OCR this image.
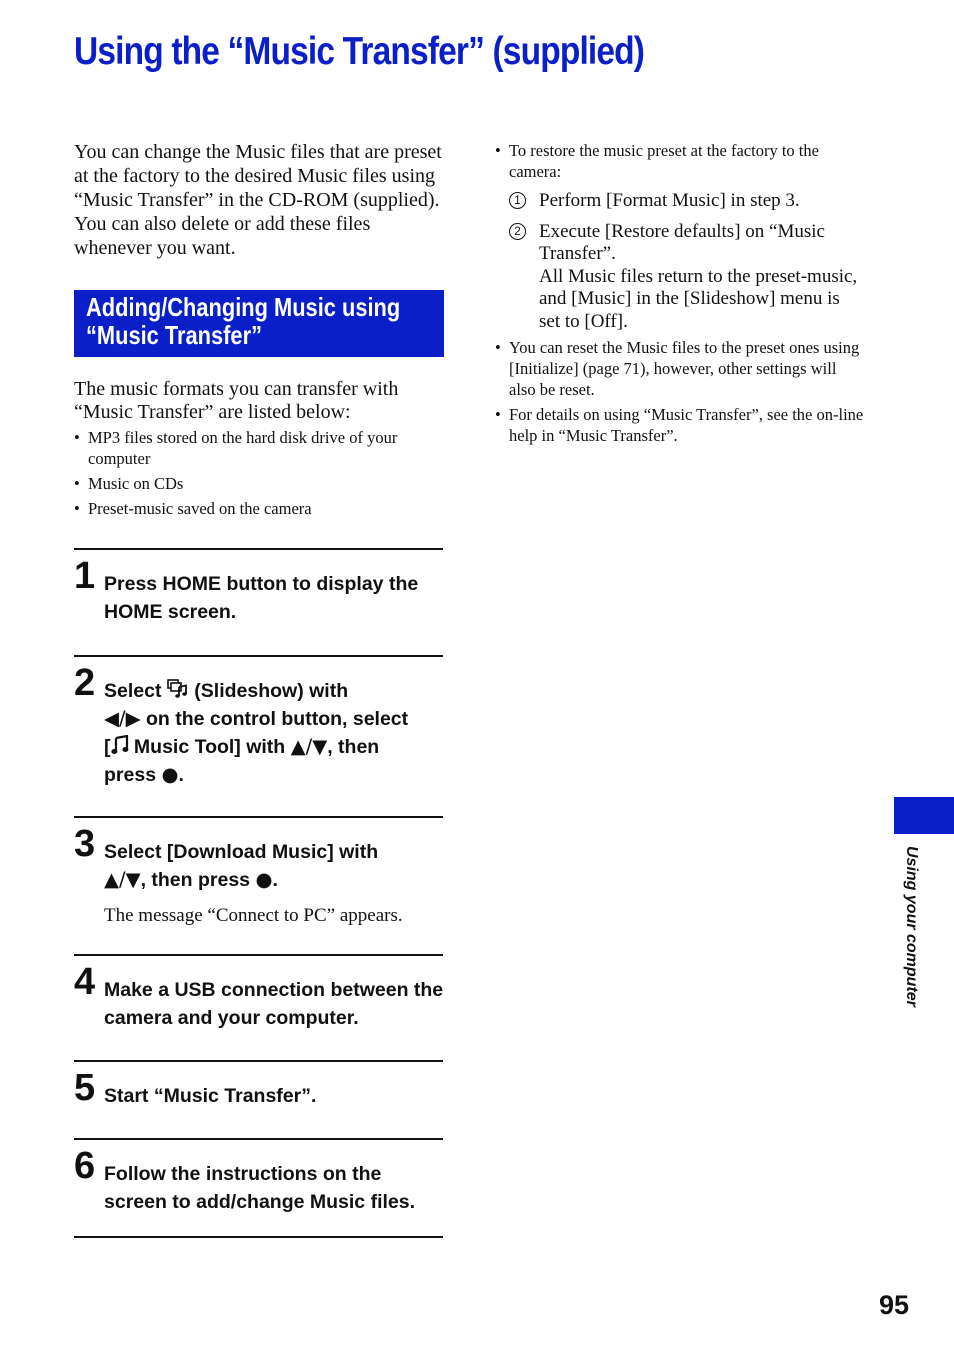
Using the “Music Transfer” (supplied)

You can change the Music files that are preset at the factory to the desired Music files using “Music Transfer” in the CD-ROM (supplied). You can also delete or add these files whenever you want.

Adding/Changing Music using
“Music Transfer”
The music formats you can transfer with “Music Transfer” are listed below:
• MP3 files stored on the hard disk drive of your computer
• Music on CDs
• Preset-music saved on the camera
1 Press HOME button to display the HOME screen.
2 Select (Slideshow) with
◀/▶ on the control button, select
[ Music Tool] with ▲/▼, then
press ●.
3 Select [Download Music] with
▲/▼, then press ●.
The message “Connect to PC” appears.
4 Make a USB connection between the camera and your computer.
5 Start “Music Transfer”.
6 Follow the instructions on the screen to add/change Music files.
• To restore the music preset at the factory to the camera:
1 Perform [Format Music] in step 3.
2 Execute [Restore defaults] on “Music Transfer”.
All Music files return to the preset-music, and [Music] in the [Slideshow] menu is set to [Off].
• You can reset the Music files to the preset ones using [Initialize] (page 71), however, other settings will also be reset.
• For details on using “Music Transfer”, see the on-line help in “Music Transfer”.
Using your computer
95
